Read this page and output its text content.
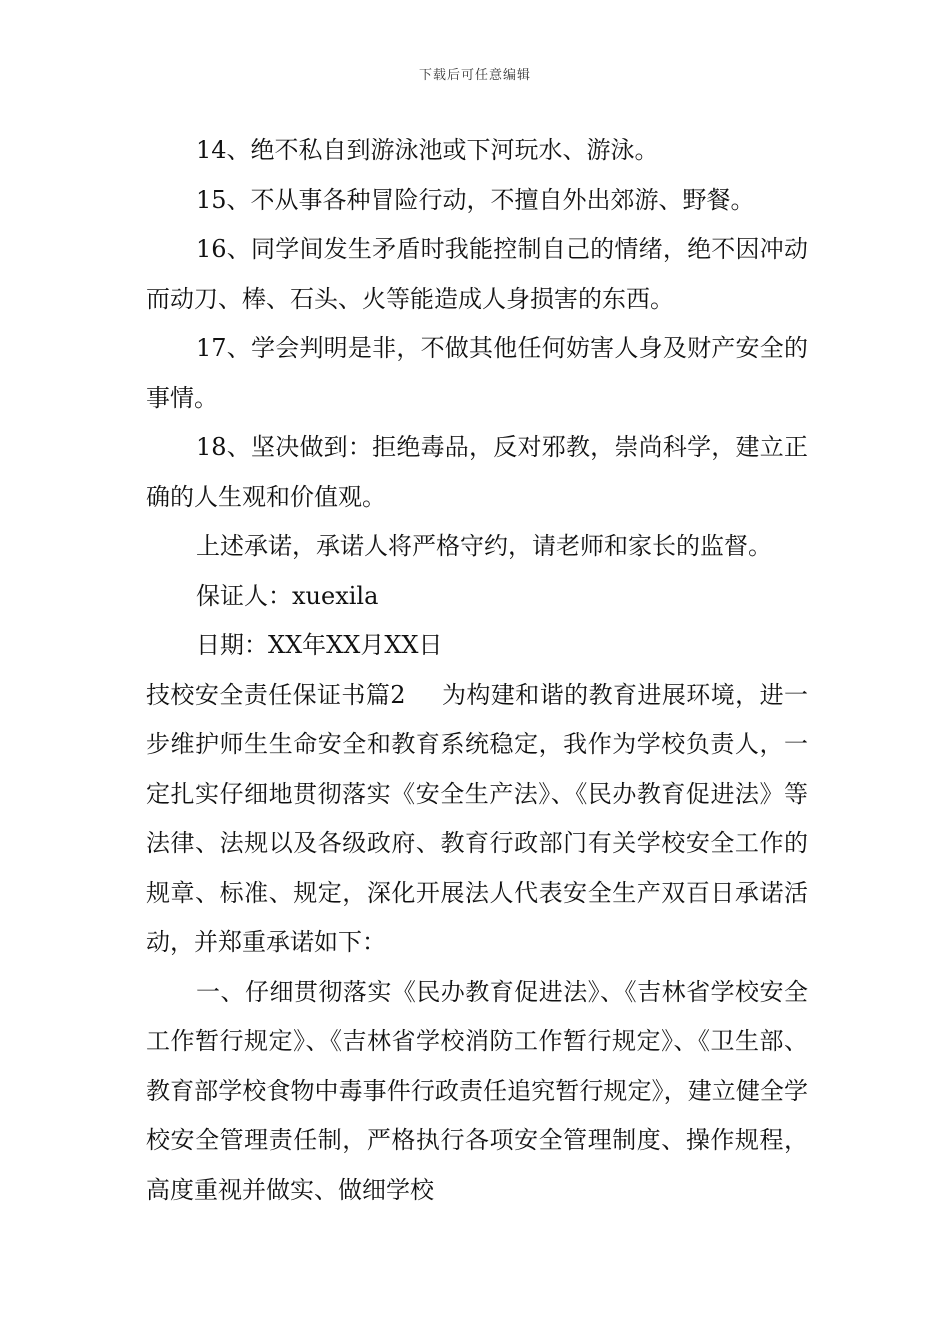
下载后可任意编辑

14、绝不私自到游泳池或下河玩水、游泳。

15、不从事各种冒险行动，不擅自外出郊游、野餐。

16、同学间发生矛盾时我能控制自己的情绪，绝不因冲动而动刀、棒、石头、火等能造成人身损害的东西。

17、学会判明是非，不做其他任何妨害人身及财产安全的事情。

18、坚决做到：拒绝毒品，反对邪教，崇尚科学，建立正确的人生观和价值观。

上述承诺，承诺人将严格守约，请老师和家长的监督。

保证人：xuexila

日期：XX年XX月XX日

技校安全责任保证书篇2 为构建和谐的教育进展环境，进一步维护师生生命安全和教育系统稳定，我作为学校负责人，一定扎实仔细地贯彻落实《安全生产法》、《民办教育促进法》等法律、法规以及各级政府、教育行政部门有关学校安全工作的规章、标准、规定，深化开展法人代表安全生产双百日承诺活动，并郑重承诺如下：

一、仔细贯彻落实《民办教育促进法》、《吉林省学校安全工作暂行规定》、《吉林省学校消防工作暂行规定》、《卫生部、教育部学校食物中毒事件行政责任追究暂行规定》，建立健全学校安全管理责任制，严格执行各项安全管理制度、操作规程，高度重视并做实、做细学校
